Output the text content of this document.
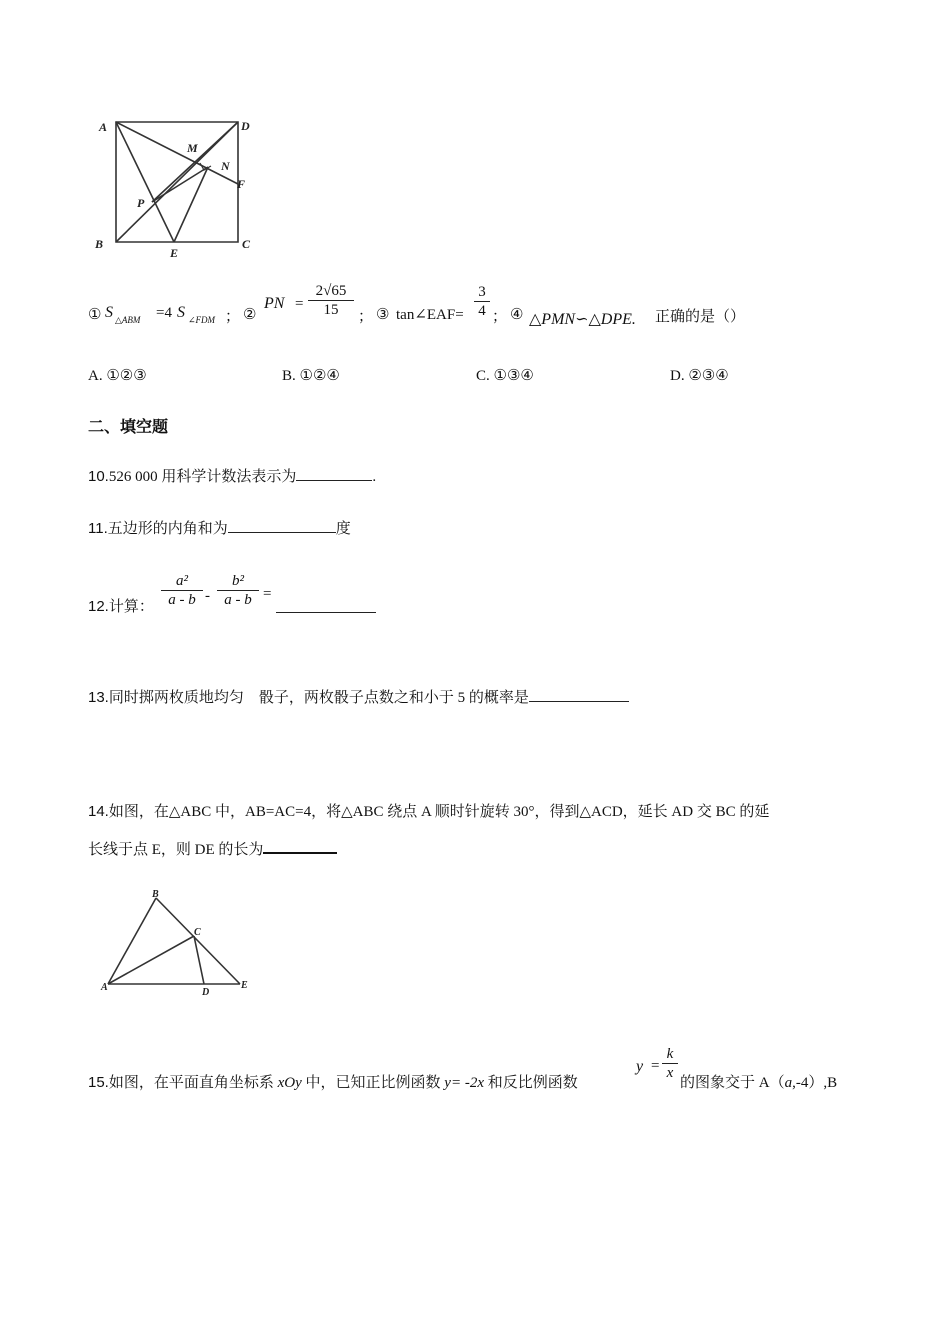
A	D
M
N
F
P
B
E
C
① S △ABM =4 S ∠FDM ； ②
PN =
2√65
15	； ③ tan∠EAF=
3
4 ； ④ △PMN∽△DPE. 正确的是（）
A. ①②③	B. ①②④	C. ①③④	D. ②③④
二、填空题
10.526 000 用科学计数法表示为	.
11.五边形的内角和为	度
12.计算：
a²
a - b -
b²
a - b =
13.同时掷两枚质地均匀　骰子，两枚骰子点数之和小于 5 的概率是
14.如图，在△ABC 中，AB=AC=4，将△ABC 绕点 A 顺时针旋转 30°，得到△ACD，延长 AD 交 BC 的延
长线于点 E，则 DE 的长为
B
C
A	D
E
15.如图，在平面直角坐标系 xOy 中，已知正比例函数 y= -2x 和反比例函数
y =
k
x
的图象交于 A（a,-4）,B
